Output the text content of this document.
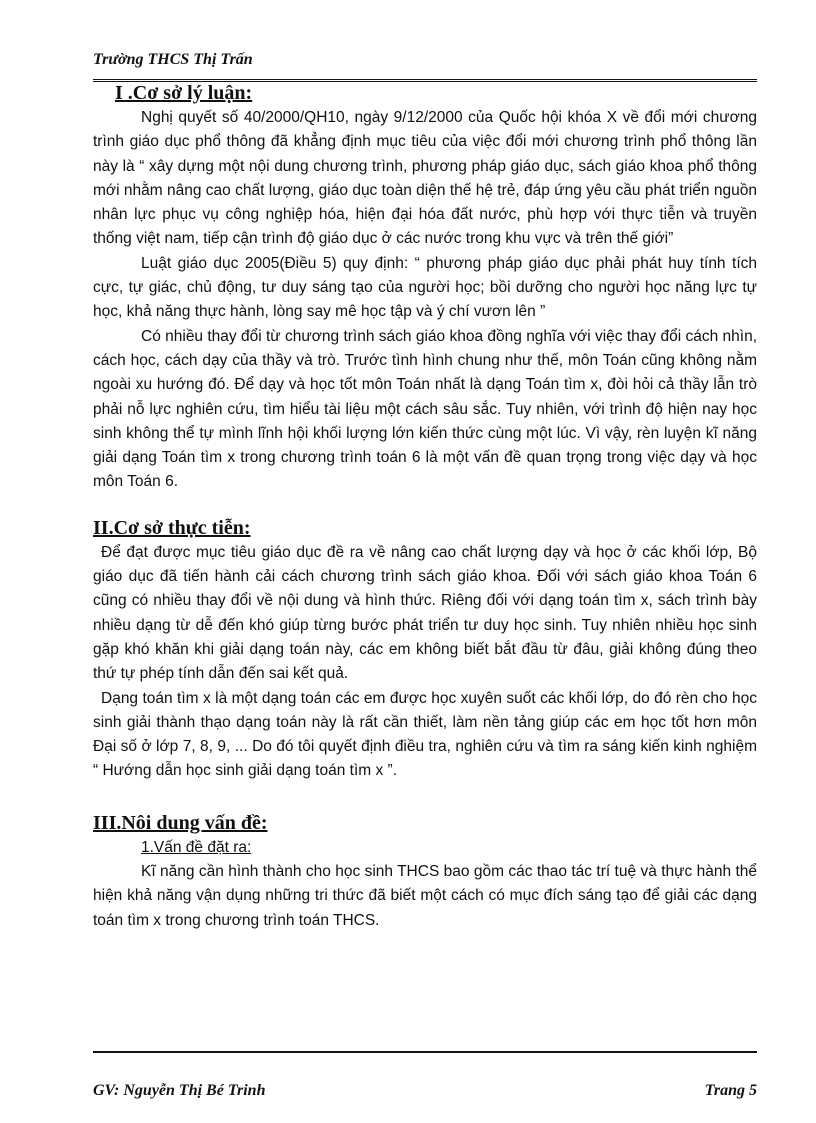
Trường THCS Thị Trấn
I .Cơ sở lý luận:

Nghị quyết số 40/2000/QH10, ngày 9/12/2000 của Quốc hội khóa X về đổi mới chương trình giáo dục phổ thông đã khẳng định mục tiêu của việc đổi mới chương trình phổ thông lần này là “ xây dựng một nội dung chương trình, phương pháp giáo dục, sách giáo khoa phổ thông mới nhằm nâng cao chất lượng, giáo dục toàn diện thế hệ trẻ, đáp ứng yêu cầu phát triển nguồn nhân lực phục vụ công nghiệp hóa, hiện đại hóa đất nước, phù hợp với thực tiễn và truyền thống việt nam, tiếp cận trình độ giáo dục ở các nước trong khu vực và trên thế giới”

Luật giáo dục 2005(Điều 5) quy định: “ phương pháp giáo dục phải phát huy tính tích cực, tự giác, chủ động, tư duy sáng tạo của người học; bồi dưỡng cho người học năng lực tự học, khả năng thực hành, lòng say mê học tập và ý chí vươn lên ”

Có nhiều thay đổi từ chương trình sách giáo khoa đồng nghĩa với việc thay đổi cách nhìn, cách học, cách dạy của thầy và trò. Trước tình hình chung như thế, môn Toán cũng không nằm ngoài xu hướng đó. Để dạy và học tốt môn Toán nhất là dạng Toán tìm x, đòi hỏi cả thầy lẫn trò phải nỗ lực nghiên cứu, tìm hiểu tài liệu một cách sâu sắc. Tuy nhiên, với trình độ hiện nay học sinh không thể tự mình lĩnh hội khối lượng lớn kiến thức cùng một lúc. Vì vậy, rèn luyện kĩ năng giải dạng Toán tìm x trong chương trình toán 6 là một vấn đề quan trọng trong việc dạy và học môn Toán 6.

II.Cơ sở thực tiễn:

Để đạt được mục tiêu giáo dục đề ra về nâng cao chất lượng dạy và học ở các khối lớp, Bộ giáo dục đã tiến hành cải cách chương trình sách giáo khoa. Đối với sách giáo khoa Toán 6 cũng có nhiều thay đổi về nội dung và hình thức. Riêng đối với dạng toán tìm x, sách trình bày nhiều dạng từ dễ đến khó giúp từng bước phát triển tư duy học sinh. Tuy nhiên nhiều học sinh gặp khó khăn khi giải dạng toán này, các em không biết bắt đầu từ đâu, giải không đúng theo thứ tự phép tính dẫn đến sai kết quả.

Dạng toán tìm x là một dạng toán các em được học xuyên suốt các khối lớp, do đó rèn cho học sinh giải thành thạo dạng toán này là rất cần thiết, làm nền tảng giúp các em học tốt hơn môn Đại số ở lớp 7, 8, 9, ... Do đó tôi quyết định điều tra, nghiên cứu và tìm ra sáng kiến kinh nghiệm “ Hướng dẫn học sinh giải dạng toán tìm x ”.

III.Nôi dung vấn đề:

1.Vấn đề đặt ra:

Kĩ năng cần hình thành cho học sinh THCS bao gồm các thao tác trí tuệ và thực hành thể hiện khả năng vận dụng những tri thức đã biết một cách có mục đích sáng tạo để giải các dạng toán tìm x trong chương trình toán THCS.

GV: Nguyễn Thị Bé Trinh	Trang 5
